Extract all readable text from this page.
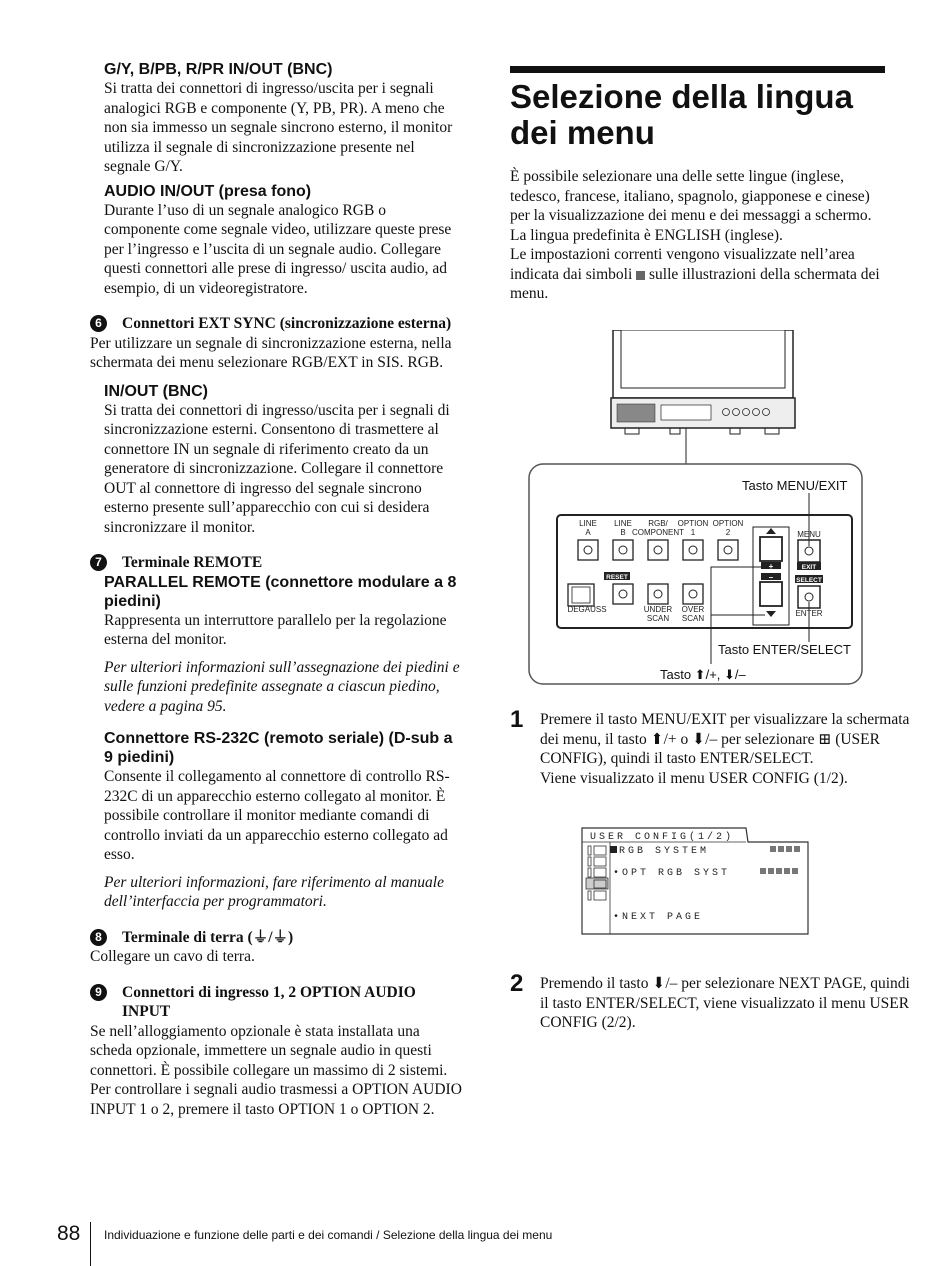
G/Y, B/PB, R/PR IN/OUT (BNC)

Si tratta dei connettori di ingresso/uscita per i segnali analogici RGB e componente (Y, PB, PR). A meno che non sia immesso un segnale sincrono esterno, il monitor utilizza il segnale di sincronizzazione presente nel segnale G/Y.

AUDIO IN/OUT (presa fono)

Durante l’uso di un segnale analogico RGB o componente come segnale video, utilizzare queste prese per l’ingresso e l’uscita di un segnale audio. Collegare questi connettori alle prese di ingresso/ uscita audio, ad esempio, di un videoregistratore.

6	Connettori EXT SYNC (sincronizzazione esterna)

Per utilizzare un segnale di sincronizzazione esterna, nella schermata dei menu selezionare RGB/EXT in SIS. RGB.

IN/OUT (BNC)

Si tratta dei connettori di ingresso/uscita per i segnali di sincronizzazione esterni. Consentono di trasmettere al connettore IN un segnale di riferimento creato da un generatore di sincronizzazione. Collegare il connettore OUT al connettore di ingresso del segnale sincrono esterno presente sull’apparecchio con cui si desidera sincronizzare il monitor.

7	Terminale REMOTE

PARALLEL REMOTE (connettore modulare a 8 piedini)

Rappresenta un interruttore parallelo per la regolazione esterna del monitor.

Per ulteriori informazioni sull’assegnazione dei piedini e sulle funzioni predefinite assegnate a ciascun piedino, vedere a pagina 95.

Connettore RS-232C (remoto seriale) (D-sub a 9 piedini)

Consente il collegamento al connettore di controllo RS-232C di un apparecchio esterno collegato al monitor. È possibile controllare il monitor mediante comandi di controllo inviati da un apparecchio esterno collegato ad esso.

Per ulteriori informazioni, fare riferimento al manuale dell’interfaccia per programmatori.

8	Terminale di terra (⏚/⏚)

Collegare un cavo di terra.

9	Connettori di ingresso 1, 2 OPTION AUDIO INPUT

Se nell’alloggiamento opzionale è stata installata una scheda opzionale, immettere un segnale audio in questi connettori. È possibile collegare un massimo di 2 sistemi. Per controllare i segnali audio trasmessi a OPTION AUDIO INPUT 1 o 2, premere il tasto OPTION 1 o OPTION 2.

Selezione della lingua dei menu

È possibile selezionare una delle sette lingue (inglese, tedesco, francese, italiano, spagnolo, giapponese e cinese) per la visualizzazione dei menu e dei messaggi a schermo.

La lingua predefinita è ENGLISH (inglese).

Le impostazioni correnti vengono visualizzate nell’area indicata dai simboli sulle illustrazioni della schermata dei menu.

LINE
A
LINE
B
RGB/
COMPONENT
OPTION
1
OPTION
2
RESET
DEGAUSS	UNDER
SCAN
OVER
SCAN
+
–
MENU
EXIT
SELECT
ENTER
Tasto MENU/EXIT
Tasto ENTER/SELECT
Tasto ⬆/+, ⬇/–
1 Premere il tasto MENU/EXIT per visualizzare la schermata dei menu, il tasto ⬆/+ o ⬇/– per selezionare ⊞ (USER CONFIG), quindi il tasto ENTER/SELECT.

Viene visualizzato il menu USER CONFIG (1/2).

USER CONFIG(1/2)
RGB SYSTEM
•OPT RGB SYST
•NEXT PAGE
2 Premendo il tasto ⬇/– per selezionare NEXT PAGE, quindi il tasto ENTER/SELECT, viene visualizzato il menu USER CONFIG (2/2).

88 Individuazione e funzione delle parti e dei comandi / Selezione della lingua dei menu
